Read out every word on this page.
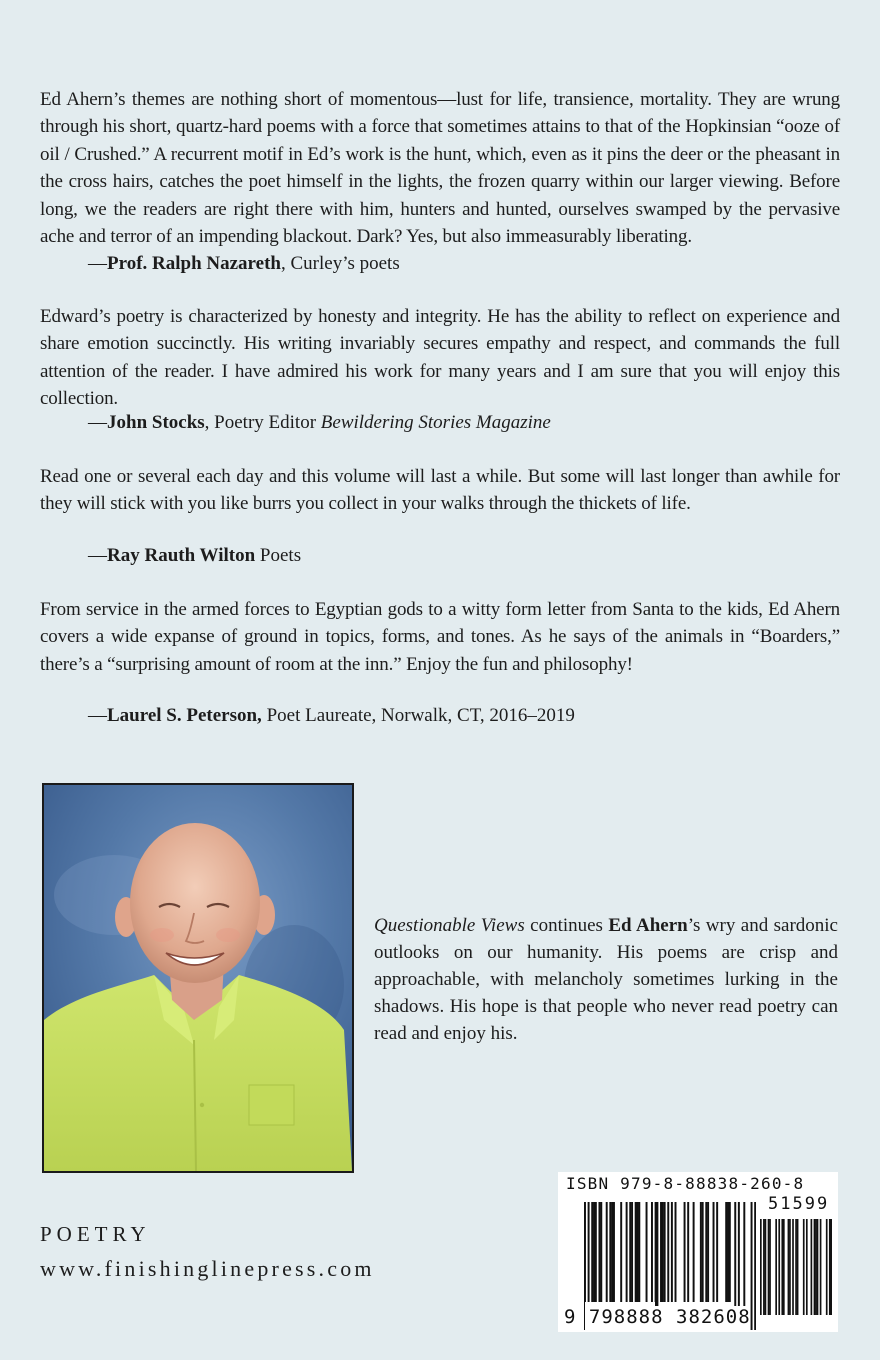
Ed Ahern’s themes are nothing short of momentous—lust for life, transience, mortality. They are wrung through his short, quartz-hard poems with a force that sometimes attains to that of the Hopkinsian “ooze of oil / Crushed.” A recurrent motif in Ed’s work is the hunt, which, even as it pins the deer or the pheasant in the cross hairs, catches the poet himself in the lights, the frozen quarry within our larger viewing. Before long, we the readers are right there with him, hunters and hunted, ourselves swamped by the pervasive ache and terror of an impending blackout. Dark? Yes, but also immeasurably liberating.

—Prof. Ralph Nazareth, Curley’s poets

Edward’s poetry is characterized by honesty and integrity. He has the ability to reflect on experience and share emotion succinctly. His writing invariably secures empathy and respect, and commands the full attention of the reader. I have admired his work for many years and I am sure that you will enjoy this collection.

—John Stocks, Poetry Editor Bewildering Stories Magazine

Read one or several each day and this volume will last a while. But some will last longer than awhile for they will stick with you like burrs you collect in your walks through the thickets of life.

—Ray Rauth Wilton Poets

From service in the armed forces to Egyptian gods to a witty form letter from Santa to the kids, Ed Ahern covers a wide expanse of ground in topics, forms, and tones. As he says of the animals in “Boarders,” there’s a “surprising amount of room at the inn.” Enjoy the fun and philosophy!

—Laurel S. Peterson, Poet Laureate, Norwalk, CT, 2016–2019

Questionable Views continues Ed Ahern’s wry and sardonic outlooks on our humanity. His poems are crisp and approachable, with melancholy sometimes lurking in the shadows. His hope is that people who never read poetry can read and enjoy his.

POETRY
www.finishinglinepress.com
ISBN 979-8-88838-260-8
51599
9 798888 382608
